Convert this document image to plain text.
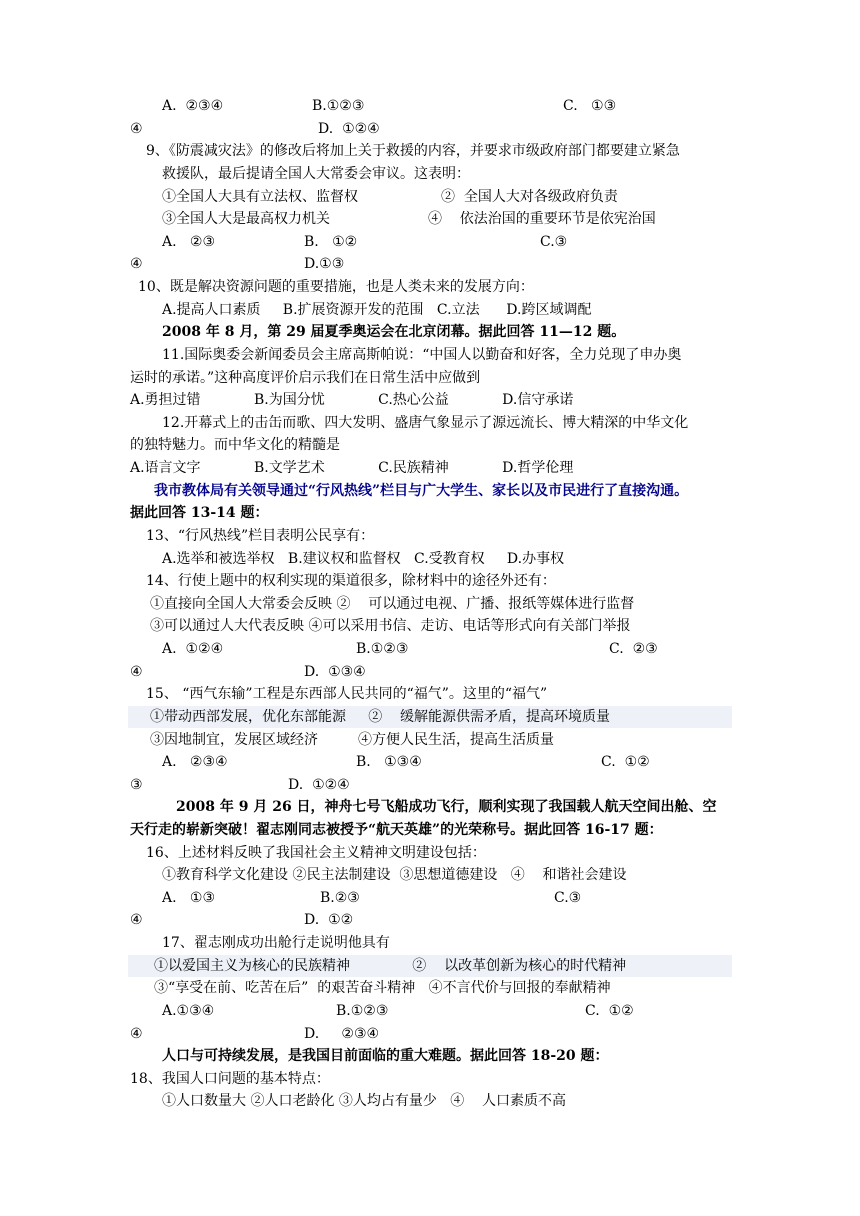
A.  ②③④	B.①②③	C.   ①③
④	D.  ①②④
9、《防震减灾法》的修改后将加上关于救援的内容，并要求市级政府部门都要建立紧急
救援队，最后提请全国人大常委会审议。这表明：
①全国人大具有立法权、监督权	②  全国人大对各级政府负责
③全国人大是最高权力机关	④    依法治国的重要环节是依宪治国
A.   ②③	B.   ①②	C.③
④	D.①③
10、既是解决资源问题的重要措施，也是人类未来的发展方向：
A.提高人口素质     B.扩展资源开发的范围   C.立法      D.跨区域调配
2008 年 8 月，第 29 届夏季奥运会在北京闭幕。据此回答 11—12 题。
11.国际奥委会新闻委员会主席高斯帕说：“中国人以勤奋和好客，全力兑现了申办奥
运时的承诺。”这种高度评价启示我们在日常生活中应做到
A.勇担过错            B.为国分忧            C.热心公益            D.信守承诺
12.开幕式上的击缶而歌、四大发明、盛唐气象显示了源远流长、博大精深的中华文化
的独特魅力。而中华文化的精髓是
A.语言文字            B.文学艺术            C.民族精神            D.哲学伦理
我市教体局有关领导通过“行风热线”栏目与广大学生、家长以及市民进行了直接沟通。
据此回答 13-14 题：
13、“行风热线”栏目表明公民享有：
A.选举和被选举权   B.建议权和监督权   C.受教育权     D.办事权
14、行使上题中的权利实现的渠道很多，除材料中的途径外还有：
①直接向全国人大常委会反映 ②    可以通过电视、广播、报纸等媒体进行监督
③可以通过人大代表反映 ④可以采用书信、走访、电话等形式向有关部门举报
A.  ①②④	B.①②③	C.  ②③
④	D.  ①③④
15、 “西气东输”工程是东西部人民共同的“福气”。这里的“福气”
①带动西部发展，优化东部能源     ②    缓解能源供需矛盾，提高环境质量
③因地制宜，发展区域经济         ④方便人民生活，提高生活质量
A.   ②③④	B.   ①③④	C.  ①②
③	D.  ①②④
2008 年 9 月 26 日，神舟七号飞船成功飞行，顺利实现了我国载人航天空间出舱、空
天行走的崭新突破！翟志刚同志被授予“航天英雄”的光荣称号。据此回答 16-17 题：
16、上述材料反映了我国社会主义精神文明建设包括：
①教育科学文化建设 ②民主法制建设  ③思想道德建设   ④    和谐社会建设
A.   ①③	B.②③	C.③
④	D.  ①②
17、翟志刚成功出舱行走说明他具有
①以爱国主义为核心的民族精神              ②    以改革创新为核心的时代精神
③“享受在前、吃苦在后”  的艰苦奋斗精神   ④不言代价与回报的奉献精神
A.①③④	B.①②③	C.  ①②
④	D.     ②③④
人口与可持续发展，是我国目前面临的重大难题。据此回答 18-20 题：
18、我国人口问题的基本特点：
①人口数量大 ②人口老龄化 ③人均占有量少   ④    人口素质不高
